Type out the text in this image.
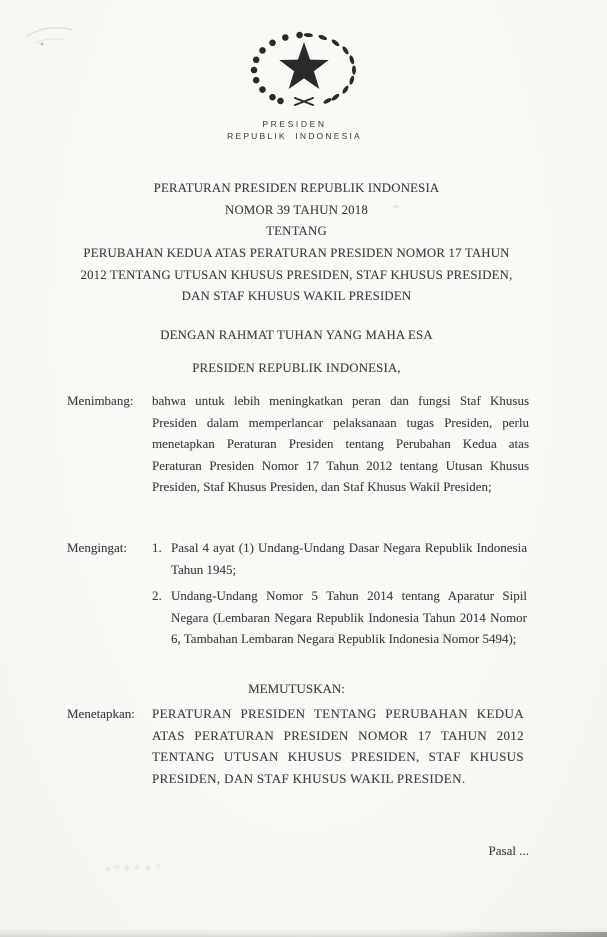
PRESIDEN
REPUBLIK INDONESIA
PERATURAN PRESIDEN REPUBLIK INDONESIA
NOMOR 39 TAHUN 2018
TENTANG
PERUBAHAN KEDUA ATAS PERATURAN PRESIDEN NOMOR 17 TAHUN
2012 TENTANG UTUSAN KHUSUS PRESIDEN, STAF KHUSUS PRESIDEN,
DAN STAF KHUSUS WAKIL PRESIDEN
DENGAN RAHMAT TUHAN YANG MAHA ESA
PRESIDEN REPUBLIK INDONESIA,
Menimbang:	bahwa untuk lebih meningkatkan peran dan fungsi Staf Khusus Presiden dalam memperlancar pelaksanaan tugas Presiden, perlu menetapkan Peraturan Presiden tentang Perubahan Kedua atas Peraturan Presiden Nomor 17 Tahun 2012 tentang Utusan Khusus Presiden, Staf Khusus Presiden, dan Staf Khusus Wakil Presiden;
Mengingat:	1. Pasal 4 ayat (1) Undang-Undang Dasar Negara Republik Indonesia Tahun 1945;
2. Undang-Undang Nomor 5 Tahun 2014 tentang Aparatur Sipil Negara (Lembaran Negara Republik Indonesia Tahun 2014 Nomor 6, Tambahan Lembaran Negara Republik Indonesia Nomor 5494);
MEMUTUSKAN:
Menetapkan:	PERATURAN PRESIDEN TENTANG PERUBAHAN KEDUA ATAS PERATURAN PRESIDEN NOMOR 17 TAHUN 2012 TENTANG UTUSAN KHUSUS PRESIDEN, STAF KHUSUS PRESIDEN, DAN STAF KHUSUS WAKIL PRESIDEN.
Pasal ...
